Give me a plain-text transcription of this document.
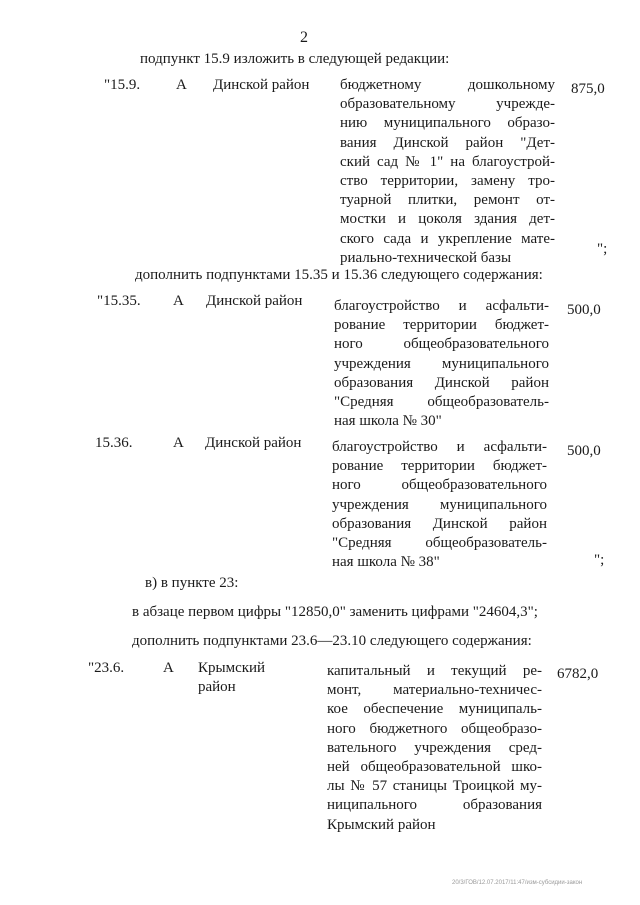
2
подпункт 15.9 изложить в следующей редакции:
"15.9. А Динской район бюджетному дошкольному
образовательному учрежде-
нию муниципального образо-
вания Динской район "Дет-
ский сад № 1" на благоустрой-
ство территории, замену тро-
туарной плитки, ремонт от-
мостки и цоколя здания дет-
ского сада и укрепление мате-
риально-технической базы
875,0
";
дополнить подпунктами 15.35 и 15.36 следующего содержания:
"15.35. А Динской район благоустройство и асфальти-
рование территории бюджет-
ного общеобразовательного
учреждения муниципального
образования Динской район
"Средняя общеобразователь-
ная школа № 30"
500,0
15.36.	А Динской район благоустройство и асфальти-
рование территории бюджет-
ного общеобразовательного
учреждения муниципального
образования Динской район
"Средняя общеобразователь-
ная школа № 38"
500,0
";
в) в пункте 23:
в абзаце первом цифры "12850,0" заменить цифрами "24604,3";
дополнить подпунктами 23.6—23.10 следующего содержания:
"23.6.	А Крымский
район
капитальный и текущий ре-
монт, материально-техничес-
кое обеспечение муниципаль-
ного бюджетного общеобразо-
вательного учреждения сред-
ней общеобразовательной шко-
лы № 57 станицы Троицкой му-
ниципального образования
Крымский район
6782,0
20/3/ГОВ/12.07.2017/11:47/изм-субсидии-закон
